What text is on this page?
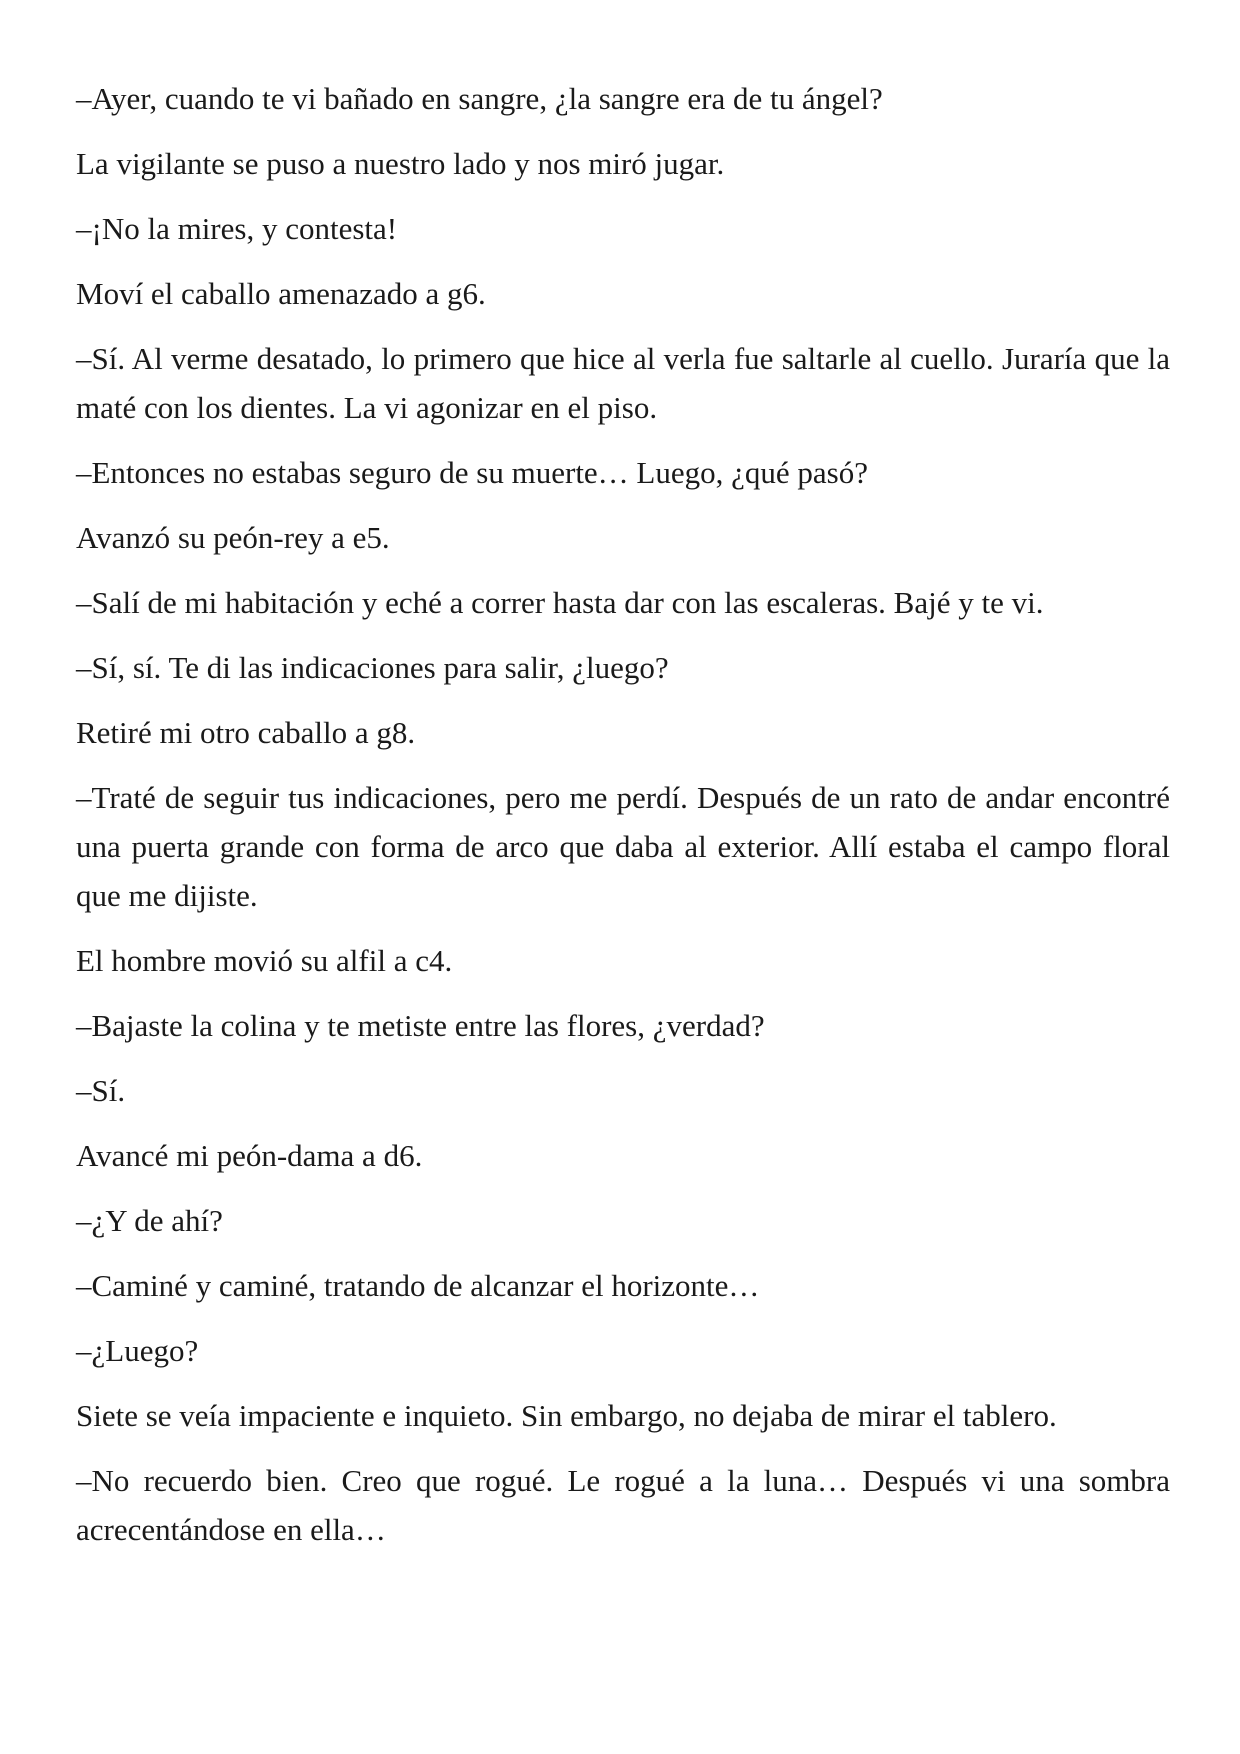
–Ayer, cuando te vi bañado en sangre, ¿la sangre era de tu ángel?

La vigilante se puso a nuestro lado y nos miró jugar.

–¡No la mires, y contesta!

Moví el caballo amenazado a g6.

–Sí. Al verme desatado, lo primero que hice al verla fue saltarle al cuello. Juraría que la maté con los dientes. La vi agonizar en el piso.

–Entonces no estabas seguro de su muerte… Luego, ¿qué pasó?

Avanzó su peón-rey a e5.

–Salí de mi habitación y eché a correr hasta dar con las escaleras. Bajé y te vi.

–Sí, sí. Te di las indicaciones para salir, ¿luego?

Retiré mi otro caballo a g8.

–Traté de seguir tus indicaciones, pero me perdí. Después de un rato de andar encontré una puerta grande con forma de arco que daba al exterior. Allí estaba el campo floral que me dijiste.

El hombre movió su alfil a c4.

–Bajaste la colina y te metiste entre las flores, ¿verdad?

–Sí.

Avancé mi peón-dama a d6.

–¿Y de ahí?

–Caminé y caminé, tratando de alcanzar el horizonte…

–¿Luego?

Siete se veía impaciente e inquieto. Sin embargo, no dejaba de mirar el tablero.

–No recuerdo bien. Creo que rogué. Le rogué a la luna… Después vi una sombra acrecentándose en ella…
